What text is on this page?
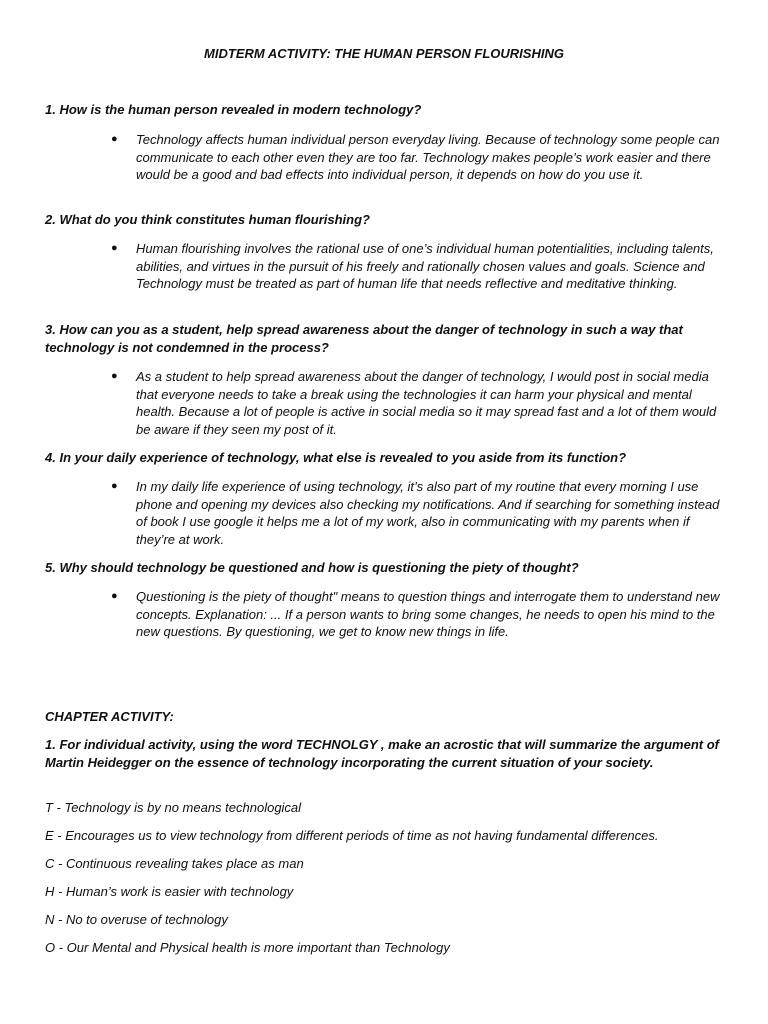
MIDTERM ACTIVITY: THE HUMAN PERSON FLOURISHING
1. How is the human person revealed in modern technology?
●	Technology affects human individual person everyday living. Because of technology some people can communicate to each other even they are too far. Technology makes people’s work easier and there would be a good and bad effects into individual person, it depends on how do you use it.
2. What do you think constitutes human flourishing?
●	Human flourishing involves the rational use of one’s individual human potentialities, including talents, abilities, and virtues in the pursuit of his freely and rationally chosen values and goals. Science and Technology must be treated as part of human life that needs reflective and meditative thinking.
3. How can you as a student, help spread awareness about the danger of technology in such a way that technology is not condemned in the process?
●	As a student to help spread awareness about the danger of technology, I would post in social media that everyone needs to take a break using the technologies it can harm your physical and mental health. Because a lot of people is active in social media so it may spread fast and a lot of them would be aware if they seen my post of it.
4. In your daily experience of technology, what else is revealed to you aside from its function?
●	In my daily life experience of using technology, it’s also part of my routine that every morning I use phone and opening my devices also checking my notifications. And if searching for something instead of book I use google it helps me a lot of my work, also in communicating with my parents when if they’re at work.
5. Why should technology be questioned and how is questioning the piety of thought?
●	Questioning is the piety of thought" means to question things and interrogate them to understand new concepts. Explanation: ... If a person wants to bring some changes, he needs to open his mind to the new questions. By questioning, we get to know new things in life.
CHAPTER ACTIVITY:
1. For individual activity, using the word TECHNOLGY , make an acrostic that will summarize the argument of Martin Heidegger on the essence of technology incorporating the current situation of your society.
T - Technology is by no means technological
E - Encourages us to view technology from different periods of time as not having fundamental differences.
C - Continuous revealing takes place as man
H - Human’s work is easier with technology
N - No to overuse of technology
O - Our Mental and Physical health is more important than Technology
